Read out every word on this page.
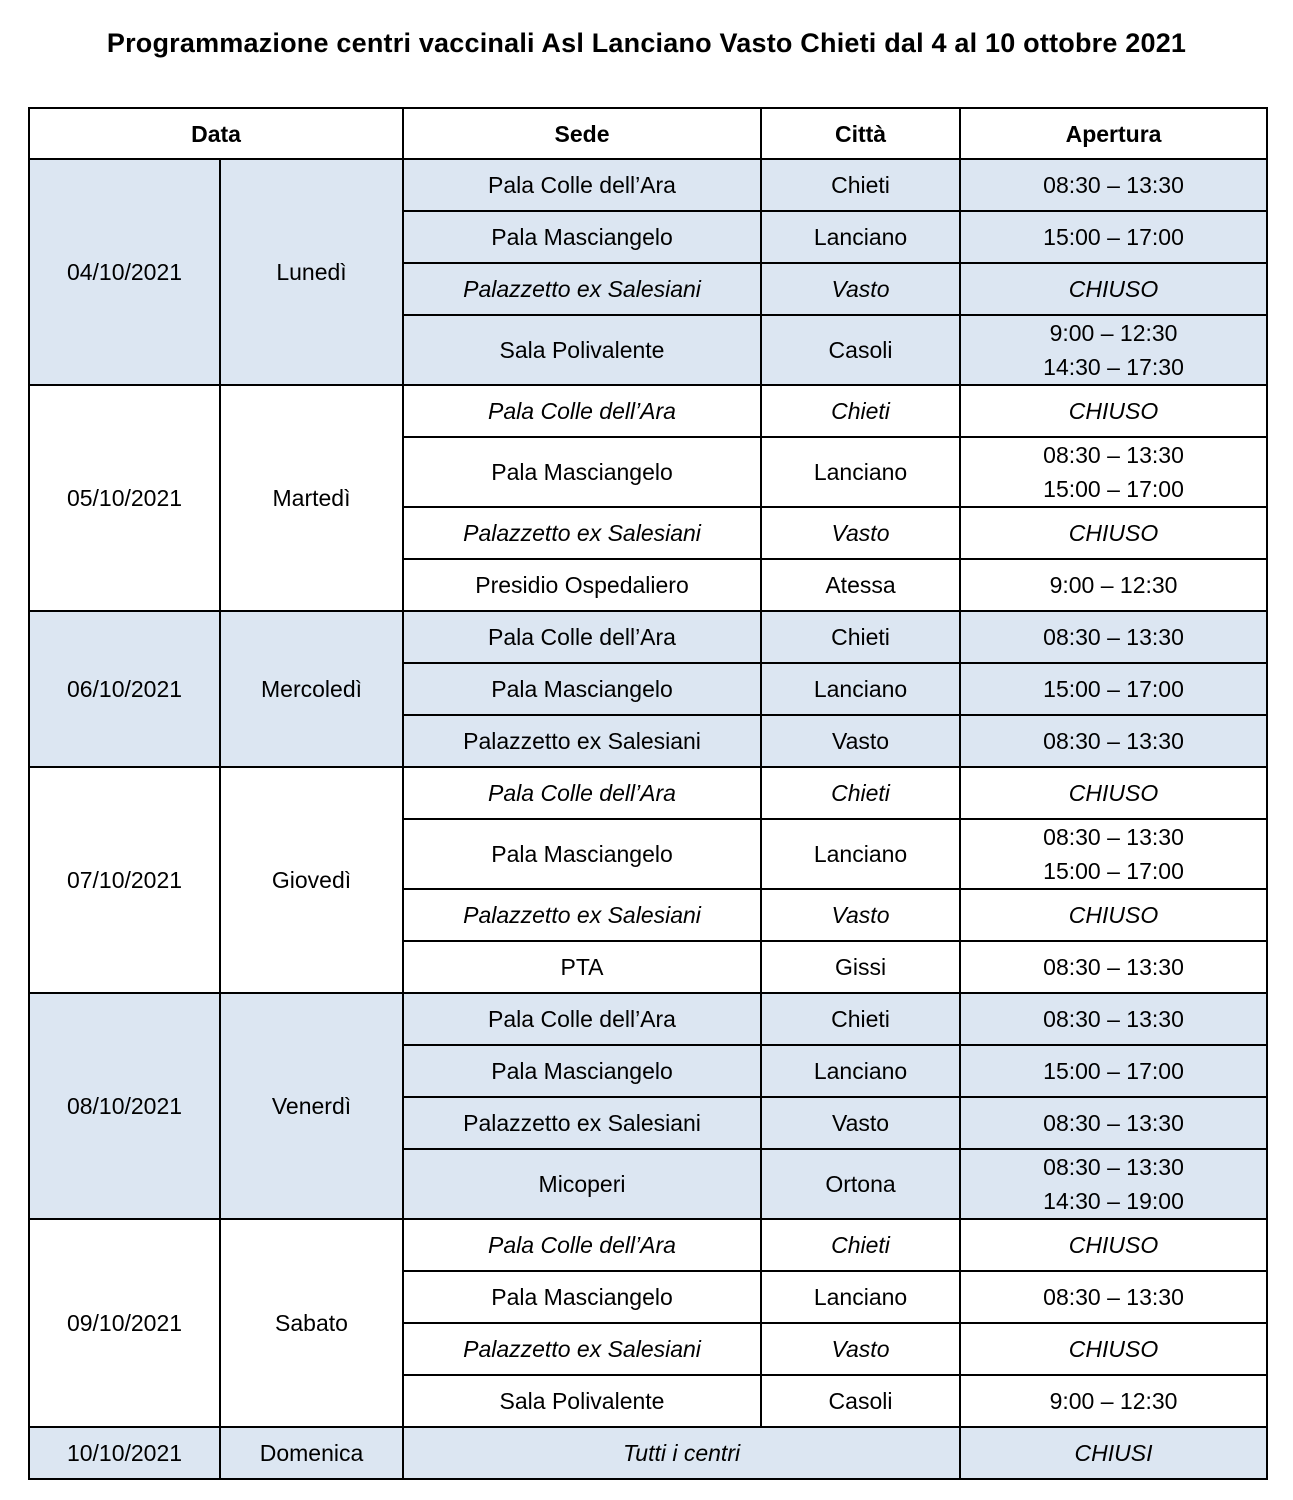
Programmazione centri vaccinali Asl Lanciano Vasto Chieti dal 4 al 10 ottobre 2021
Data		Sede	Città	Apertura
04/10/2021	Lunedì	Pala Colle dell’Ara	Chieti	08:30 – 13:30

		Pala Masciangelo	Lanciano	15:00 – 17:00

		Palazzetto ex Salesiani	Vasto	CHIUSO

		Sala Polivalente	Casoli	9:00 – 12:30
14:30 – 17:30

05/10/2021	Martedì	Pala Colle dell’Ara	Chieti	CHIUSO

		Pala Masciangelo	Lanciano	08:30 – 13:30
15:00 – 17:00

		Palazzetto ex Salesiani	Vasto	CHIUSO

		Presidio Ospedaliero	Atessa	9:00 – 12:30

06/10/2021	Mercoledì	Pala Colle dell’Ara	Chieti	08:30 – 13:30

		Pala Masciangelo	Lanciano	15:00 – 17:00

		Palazzetto ex Salesiani	Vasto	08:30 – 13:30

07/10/2021	Giovedì	Pala Colle dell’Ara	Chieti	CHIUSO

		Pala Masciangelo	Lanciano	08:30 – 13:30
15:00 – 17:00

		Palazzetto ex Salesiani	Vasto	CHIUSO

		PTA	Gissi	08:30 – 13:30

08/10/2021	Venerdì	Pala Colle dell’Ara	Chieti	08:30 – 13:30

		Pala Masciangelo	Lanciano	15:00 – 17:00

		Palazzetto ex Salesiani	Vasto	08:30 – 13:30

		Micoperi	Ortona	08:30 – 13:30
14:30 – 19:00

09/10/2021	Sabato	Pala Colle dell’Ara	Chieti	CHIUSO

		Pala Masciangelo	Lanciano	08:30 – 13:30

		Palazzetto ex Salesiani	Vasto	CHIUSO

		Sala Polivalente	Casoli	9:00 – 12:30

10/10/2021	Domenica	Tutti i centri		CHIUSI
